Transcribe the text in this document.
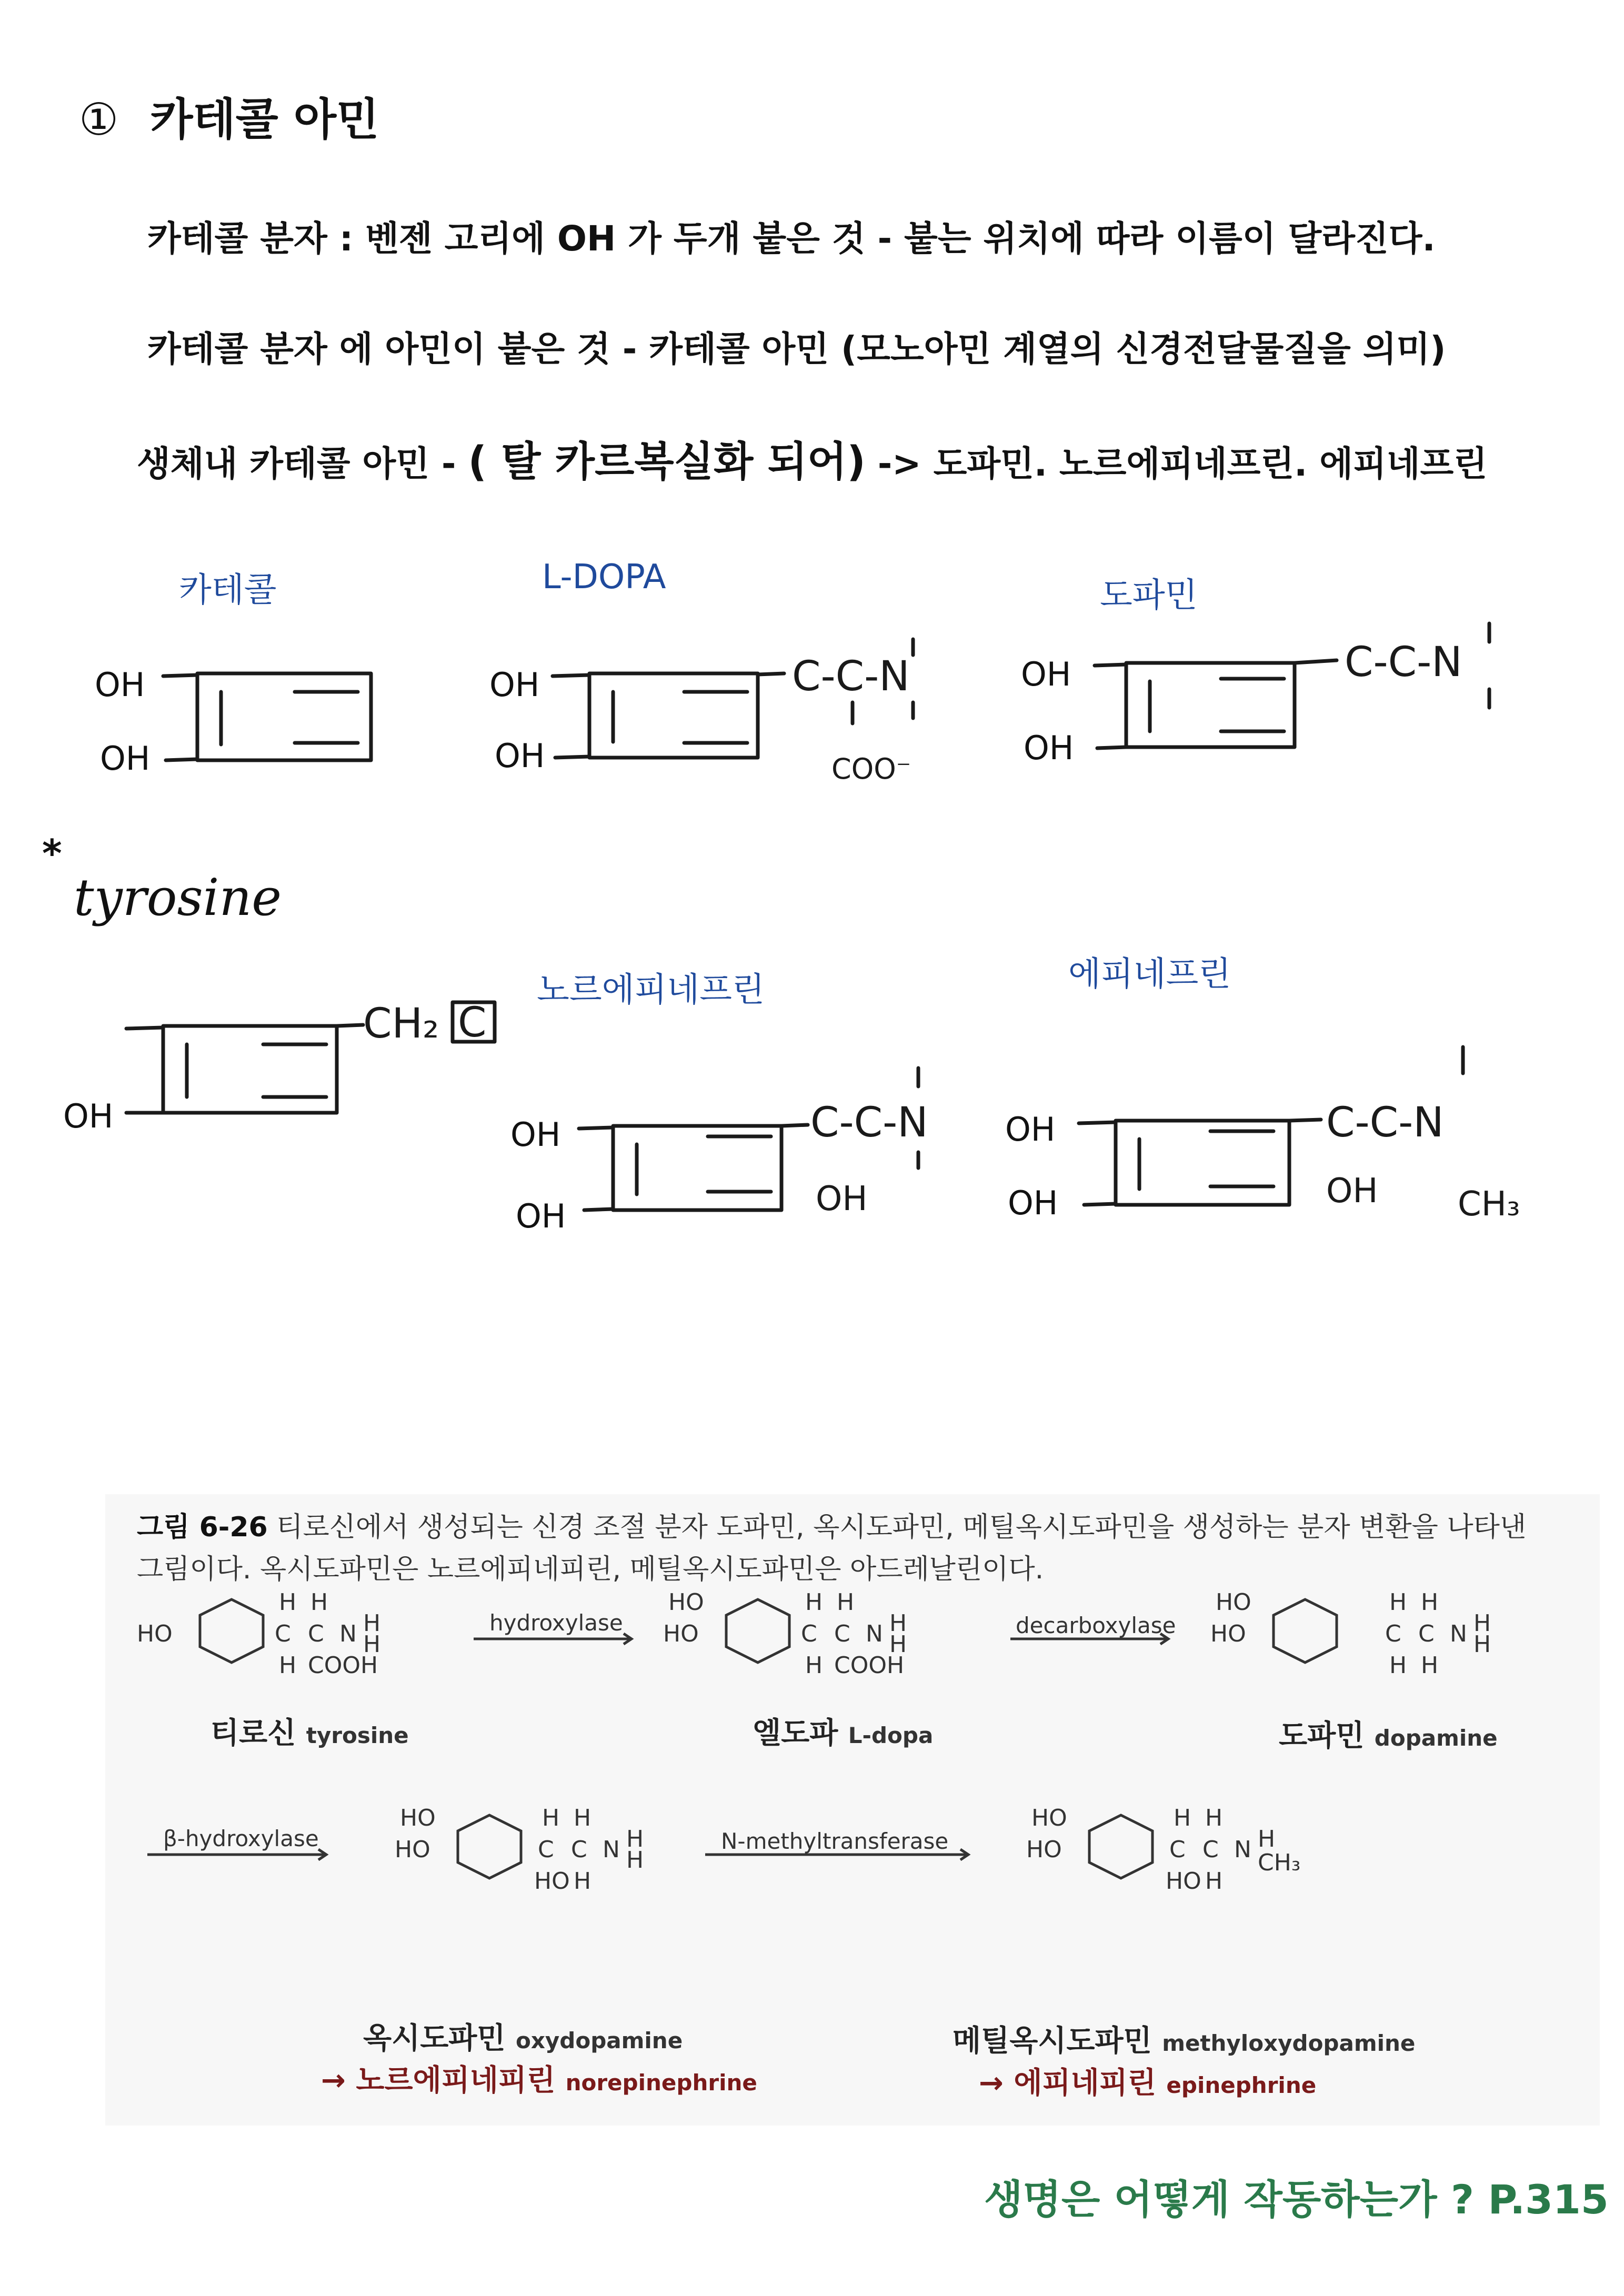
① 카테콜 아민
카테콜 분자 : 벤젠 고리에 OH 가 두개 붙은 것 - 붙는 위치에 따라 이름이 달라진다.
카테콜 분자 에 아민이 붙은 것 - 카테콜 아민 (모노아민 계열의 신경전달물질을 의미)
생체내 카테콜 아민 - ( 탈 카르복실화 되어) -> 도파민. 노르에피네프린. 에피네프린
카테콜	L-DOPA	도파민
노르에피네프린	에피네프린
OH
OH
OH
OH
OH
OH
OH	OH
OH
OH
OH
C-C-N
COO⁻
C-C-N
CH₂ C
C-C-N
OH
C-C-N
OH CH₃
*
tyrosine
그림 6-26 티로신에서 생성되는 신경 조절 분자 도파민, 옥시도파민, 메틸옥시도파민을 생성하는 분자 변환을 나타낸
그림이다. 옥시도파민은 노르에피네피린, 메틸옥시도파민은 아드레날린이다.
HO
H H
C C N H
H
H COOH
HO
HO
H H
C C N H
H
H COOH
HO
HO
H H
C C N H
H
H H
HO
HO
H H
C C N H
H
HO H
HO
HO
H H
C C N H
CH₃
HO H
hydroxylase	decarboxylase
β-hydroxylase	N-methyltransferase
티로신 tyrosine	엘도파 L-dopa	도파민 dopamine
옥시도파민 oxydopamine	메틸옥시도파민 methyloxydopamine
→ 노르에피네피린 norepinephrine	→ 에피네피린 epinephrine
생명은 어떻게 작동하는가 ? P.315
